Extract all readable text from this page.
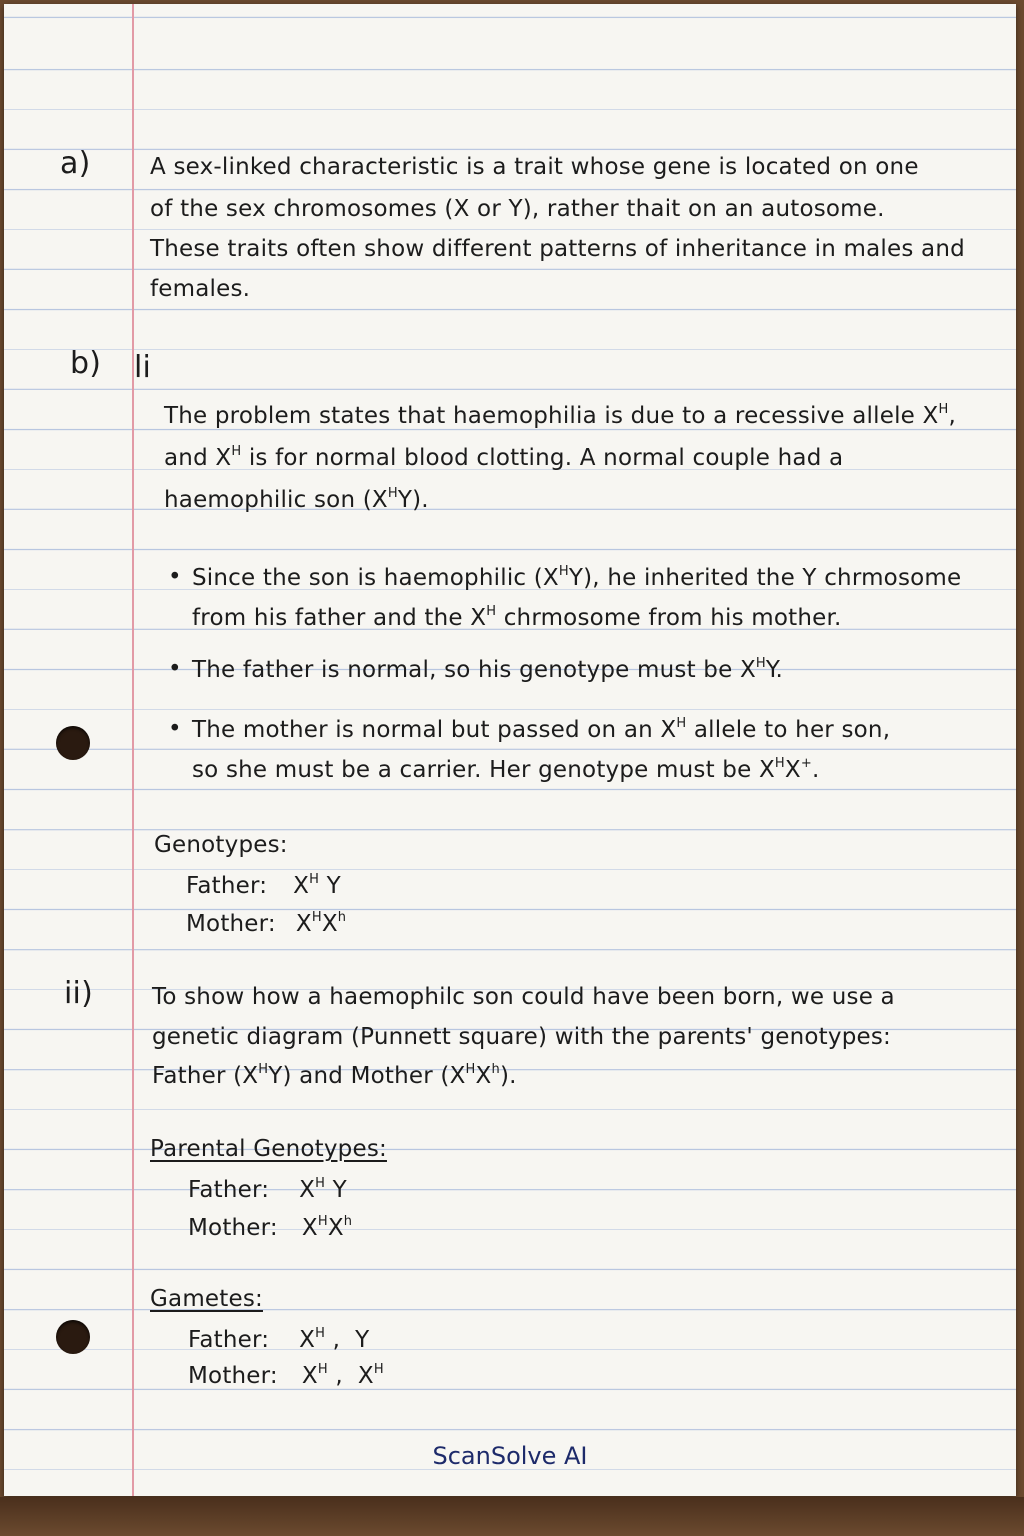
a)	A sex-linked characteristic is a trait whose gene is located on one
of the sex chromosomes (X or Y), rather thait on an autosome.
These traits often show different patterns of inheritance in males and
females.
b) li
The problem states that haemophilia is due to a recessive allele $X^H$,
and $X^H$ is for normal blood clotting. A normal couple had a
haemophilic son $(X^HY)$.
• Since the son is haemophilic $(X^HY)$, he inherited the Y chrmosome
from his father and the $X^H$ chrmosome from his mother.
• The father is normal, so his genotype must be $X^HY$.
• The mother is normal but passed on an $X^H$ allele to her son,
so she must be a carrier. Her genotype must be $X^HX^+$.
Genotypes:
Father: $X^H$ Y
Mother: $X^HX^h$
ii)	To show how a haemophilc son could have been born, we use a
genetic diagram (Punnett square) with the parents' genotypes:
Father $(X^HY)$ and Mother $(X^HX^h)$.
Parental Genotypes:
Father: $X^H$ Y
Mother: $X^HX^h$
Gametes:
Father: $X^H$ ,  Y
Mother: $X^H$ ,  $X^H$
ScanSolve AI
